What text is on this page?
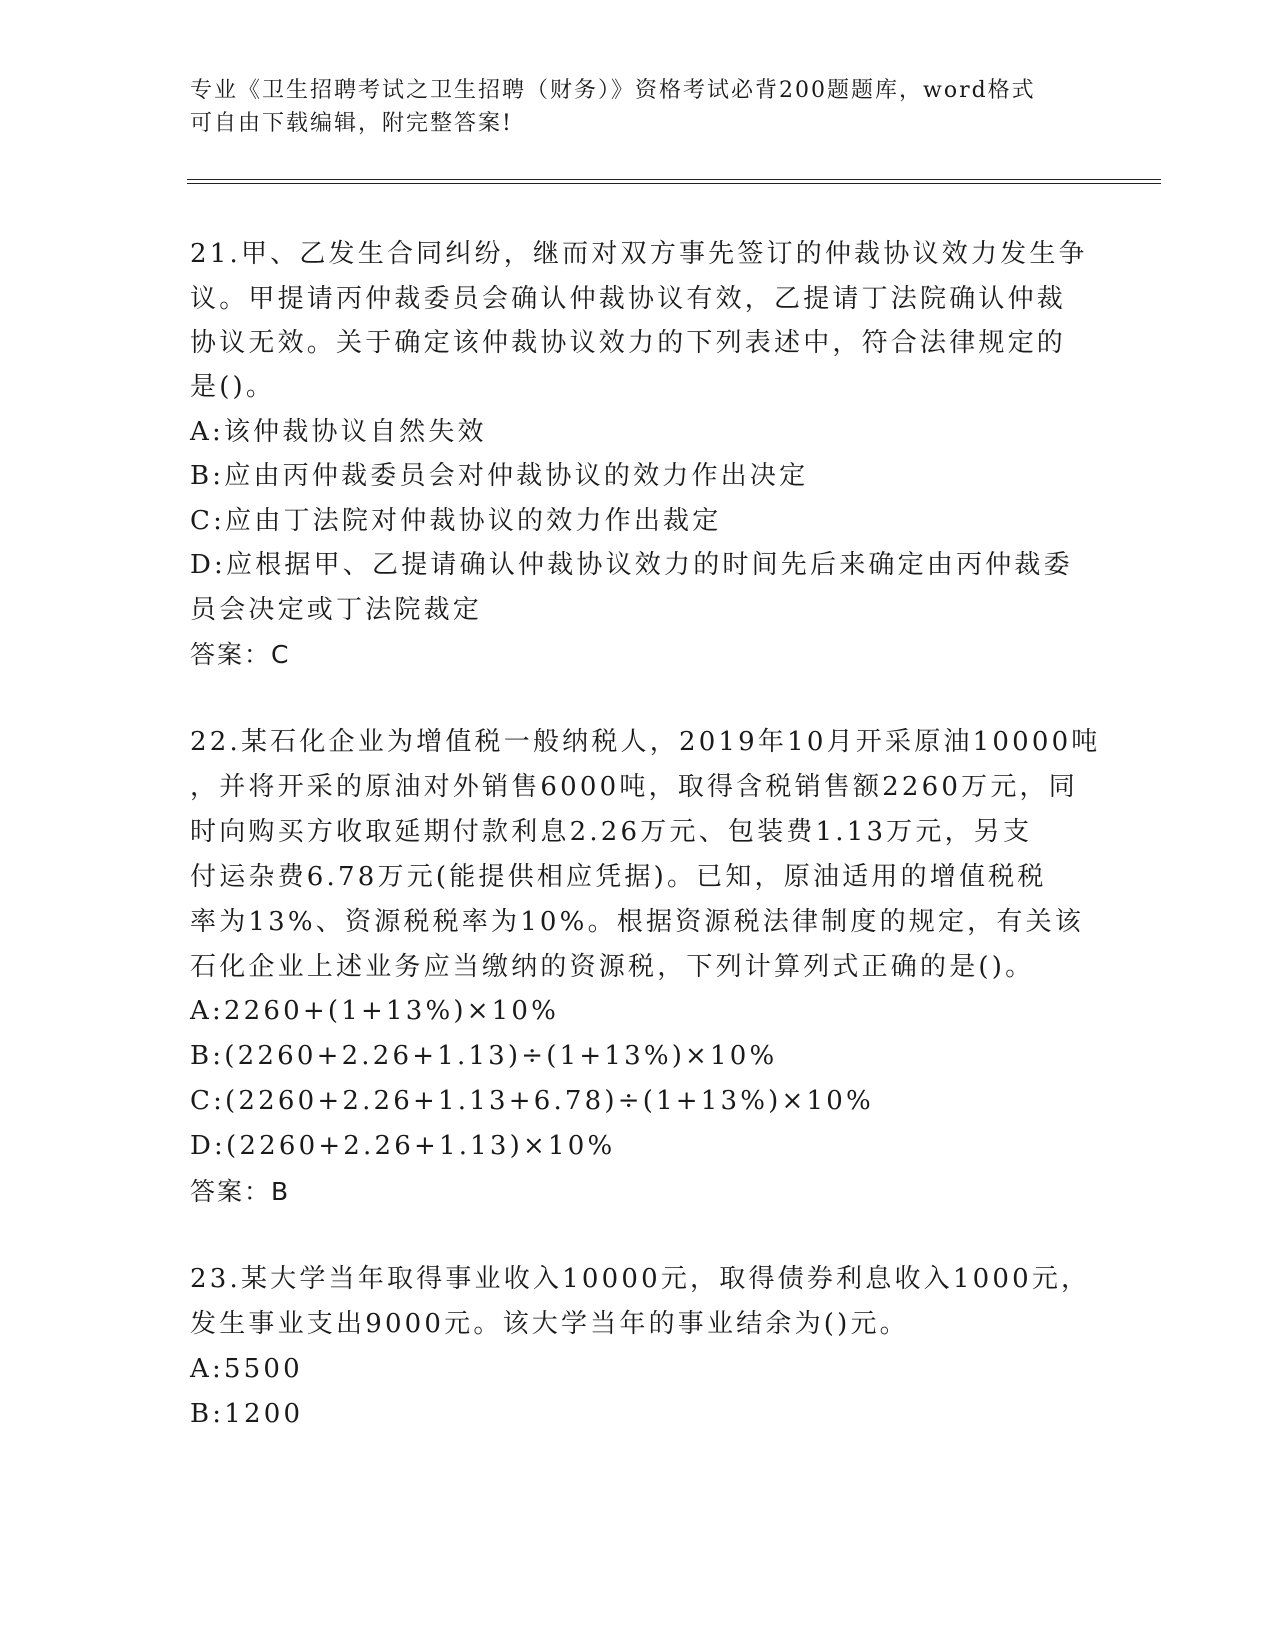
专业《卫生招聘考试之卫生招聘（财务）》资格考试必背200题题库，word格式
可自由下载编辑，附完整答案!
21.甲、乙发生合同纠纷，继而对双方事先签订的仲裁协议效力发生争
议。甲提请丙仲裁委员会确认仲裁协议有效，乙提请丁法院确认仲裁
协议无效。关于确定该仲裁协议效力的下列表述中，符合法律规定的
是()。
A:该仲裁协议自然失效
B:应由丙仲裁委员会对仲裁协议的效力作出决定
C:应由丁法院对仲裁协议的效力作出裁定
D:应根据甲、乙提请确认仲裁协议效力的时间先后来确定由丙仲裁委
员会决定或丁法院裁定
答案：C
22.某石化企业为增值税一般纳税人，2019年10月开采原油10000吨
，并将开采的原油对外销售6000吨，取得含税销售额2260万元，同
时向购买方收取延期付款利息2.26万元、包装费1.13万元，另支
付运杂费6.78万元(能提供相应凭据)。已知，原油适用的增值税税
率为13%、资源税税率为10%。根据资源税法律制度的规定，有关该
石化企业上述业务应当缴纳的资源税，下列计算列式正确的是()。
A:2260+(1+13%)×10%
B:(2260+2.26+1.13)÷(1+13%)×10%
C:(2260+2.26+1.13+6.78)÷(1+13%)×10%
D:(2260+2.26+1.13)×10%
答案：B
23.某大学当年取得事业收入10000元，取得债券利息收入1000元，
发生事业支出9000元。该大学当年的事业结余为()元。
A:5500
B:1200
